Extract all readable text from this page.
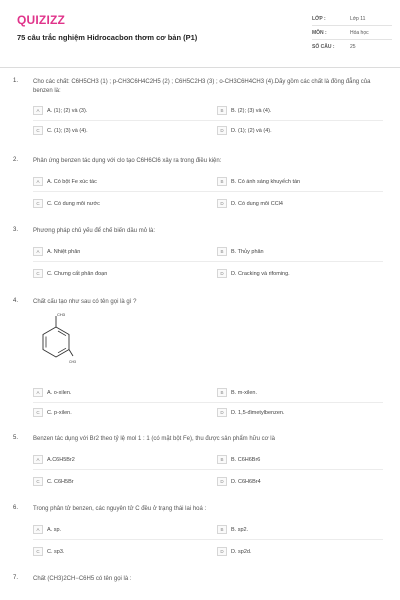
QUIZIZZ
75 câu trắc nghiệm Hidrocacbon thơm cơ bản (P1)
LỚP :	Lớp 11
MÔN :	Hóa học
SỐ CÂU :	25
1. Cho các chất: C6H5CH3 (1) ; p-CH3C6H4C2H5 (2) ; C6H5C2H3 (3) ; o-CH3C6H4CH3 (4).Dãy gồm các chất là đồng đẳng của benzen là:
A	A. (1); (2) và (3).	B	B. (2); (3) và (4).
C	C. (1); (3) và (4).	D	D. (1); (2) và (4).
2. Phản ứng benzen tác dụng với clo tạo C6H6Cl6 xảy ra trong điều kiện:
A	A. Có bột Fe xúc tác	B	B. Có ánh sáng khuyếch tán
C	C. Có dung môi nước	D	D. Có dung môi CCl4
3. Phương pháp chủ yếu để chế biến dầu mỏ là:
A	A. Nhiệt phân	B	B. Thủy phân
C	C. Chưng cất phân đoạn	D	D. Cracking và rifoming.
4. Chất cấu tạo như sau có tên gọi là gì ?
CH3
CH3
A	A. o-xilen.	B	B. m-xilen.
C	C. p-xilen.	D	D. 1,5-đimetylbenzen.
5. Benzen tác dụng với Br2 theo tỷ lệ mol 1 : 1 (có mặt bột Fe), thu được sản phẩm hữu cơ là
A	A.C6H5Br2	B	B. C6H6Br6
C	C. C6H5Br	D	D. C6H6Br4
6. Trong phân tử benzen, các nguyên tử C đều ở trạng thái lai hoá :
A	A. sp.	B	B. sp2.
C	C. sp3.	D	D. sp2d.
7. Chất (CH3)2CH−C6H5 có tên gọi là :
